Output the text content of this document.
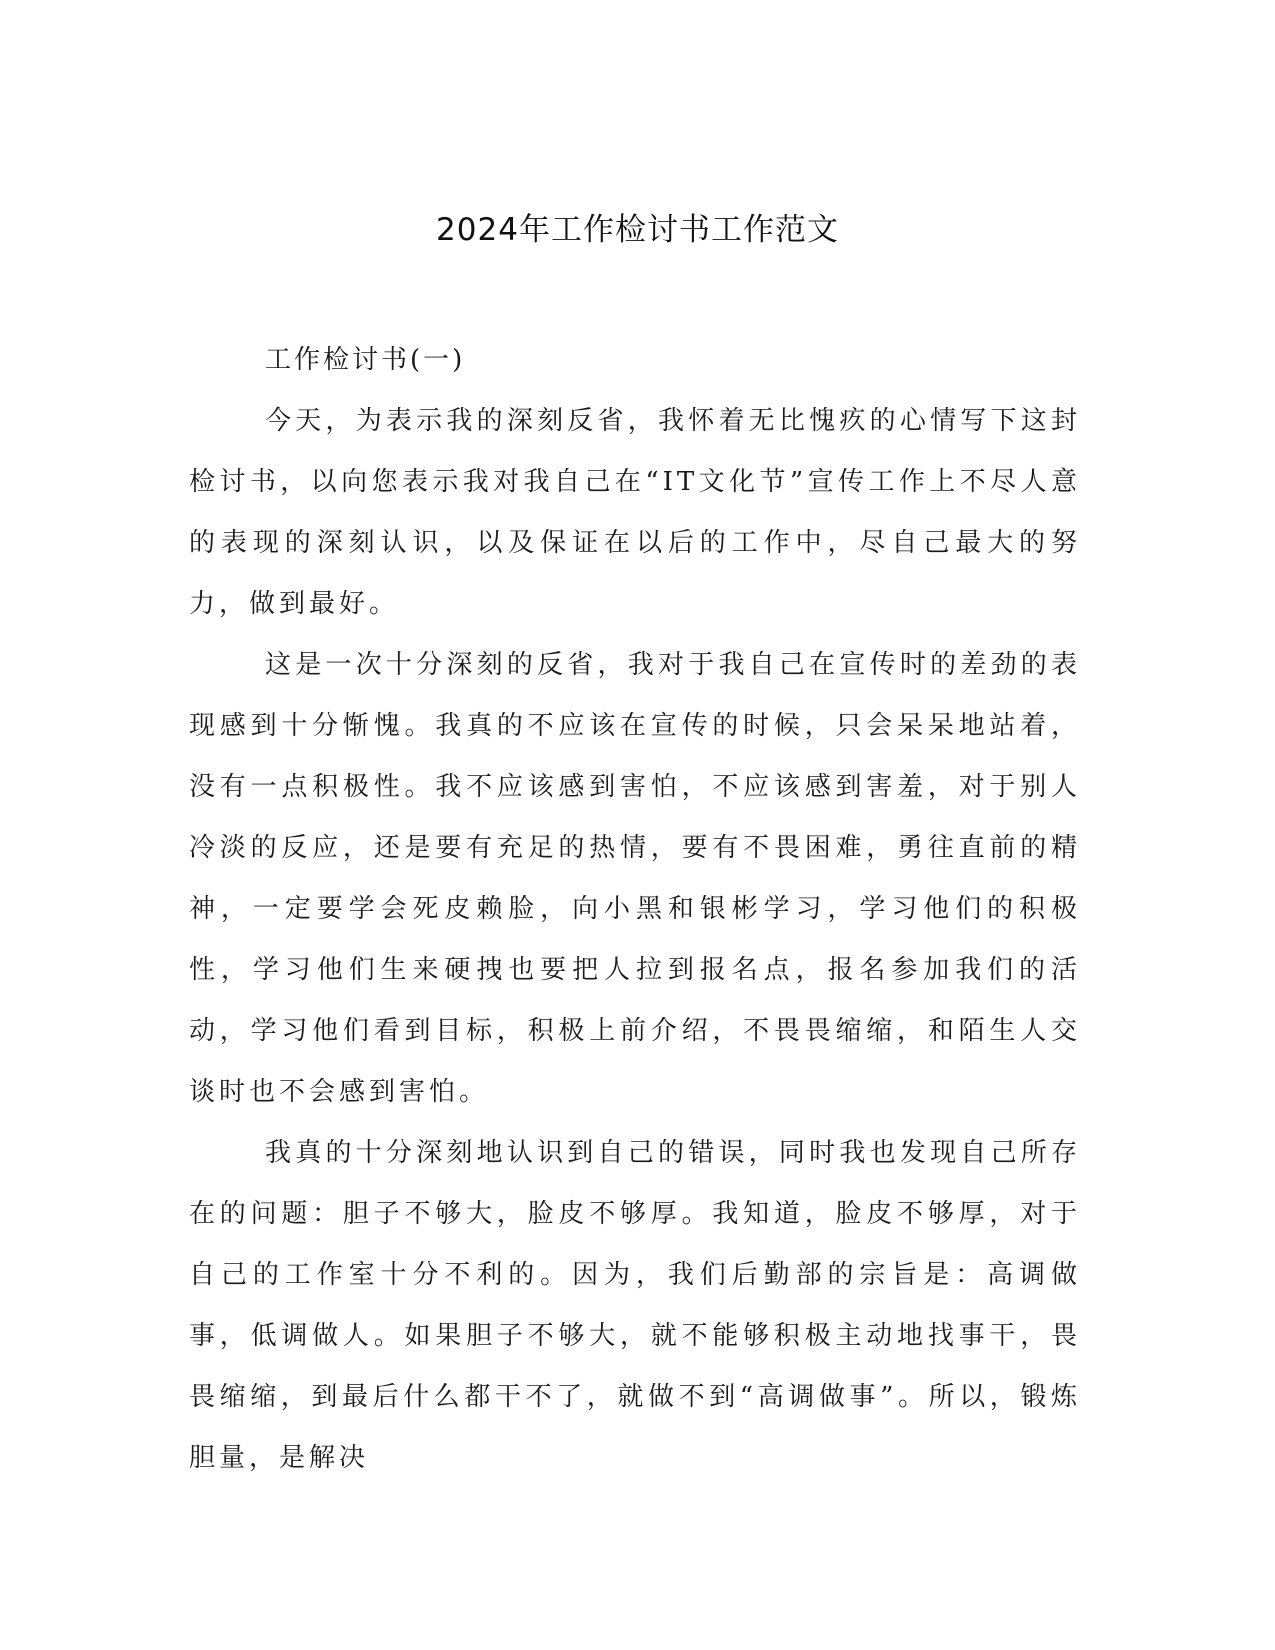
2024年工作检讨书工作范文

工作检讨书(一)

今天，为表示我的深刻反省，我怀着无比愧疚的心情写下这封检讨书，以向您表示我对我自己在“IT文化节”宣传工作上不尽人意的表现的深刻认识，以及保证在以后的工作中，尽自己最大的努力，做到最好。

这是一次十分深刻的反省，我对于我自己在宣传时的差劲的表现感到十分惭愧。我真的不应该在宣传的时候，只会呆呆地站着，没有一点积极性。我不应该感到害怕，不应该感到害羞，对于别人冷淡的反应，还是要有充足的热情，要有不畏困难，勇往直前的精神，一定要学会死皮赖脸，向小黑和银彬学习，学习他们的积极性，学习他们生来硬拽也要把人拉到报名点，报名参加我们的活动，学习他们看到目标，积极上前介绍，不畏畏缩缩，和陌生人交谈时也不会感到害怕。

我真的十分深刻地认识到自己的错误，同时我也发现自己所存在的问题：胆子不够大，脸皮不够厚。我知道，脸皮不够厚，对于自己的工作室十分不利的。因为，我们后勤部的宗旨是：高调做事，低调做人。如果胆子不够大，就不能够积极主动地找事干，畏畏缩缩，到最后什么都干不了，就做不到“高调做事”。所以，锻炼胆量，是解决
